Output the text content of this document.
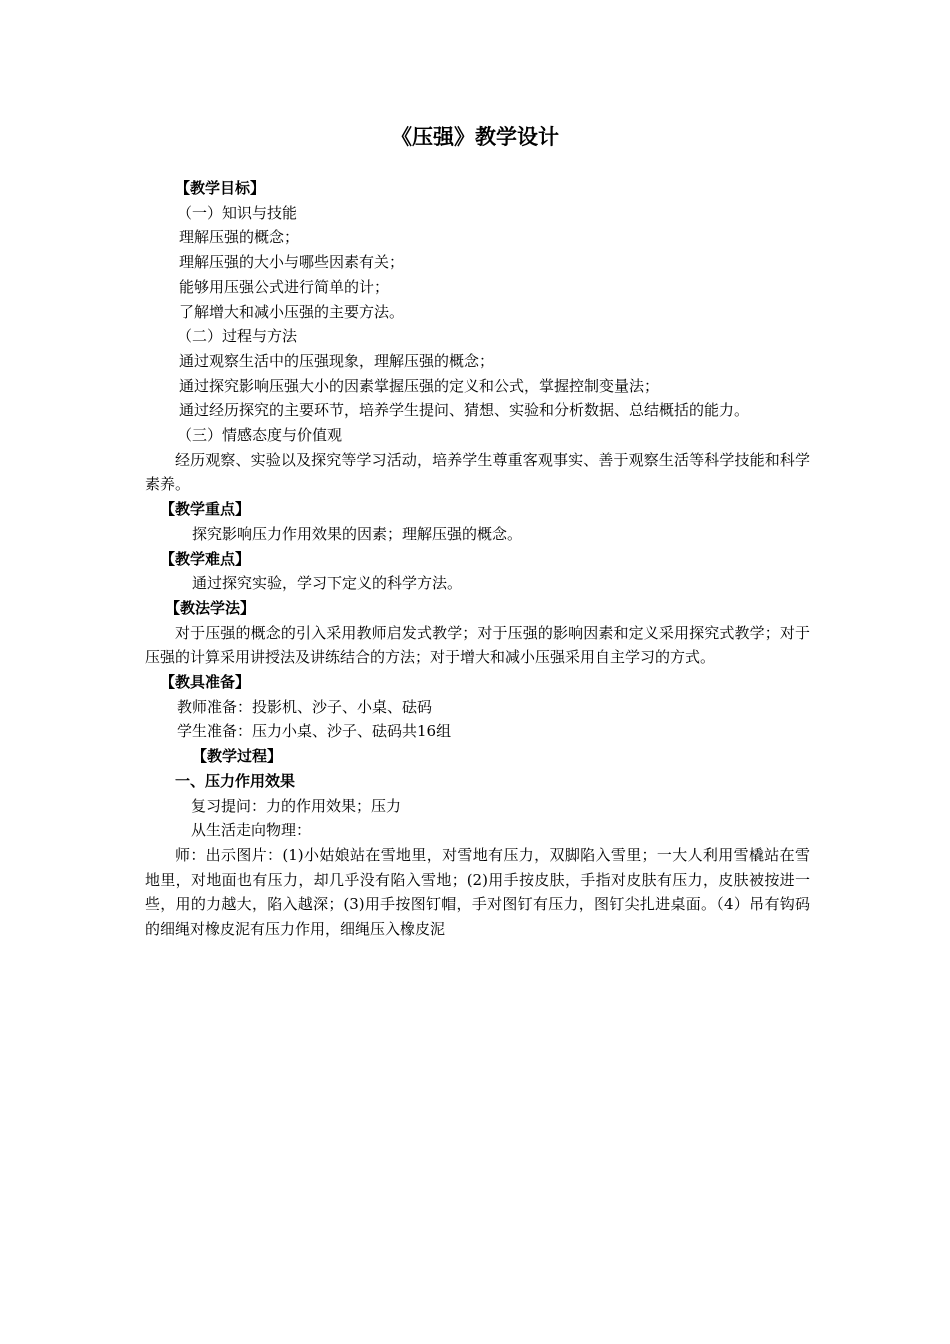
《压强》教学设计
【教学目标】
（一）知识与技能
理解压强的概念；
理解压强的大小与哪些因素有关；
能够用压强公式进行简单的计；
了解增大和减小压强的主要方法。
（二）过程与方法
通过观察生活中的压强现象，理解压强的概念；
通过探究影响压强大小的因素掌握压强的定义和公式，掌握控制变量法；
通过经历探究的主要环节，培养学生提问、猜想、实验和分析数据、总结概括的能力。
（三）情感态度与价值观
经历观察、实验以及探究等学习活动，培养学生尊重客观事实、善于观察生活等科学技能和科学素养。
【教学重点】
探究影响压力作用效果的因素；理解压强的概念。
【教学难点】
通过探究实验，学习下定义的科学方法。
【教法学法】
对于压强的概念的引入采用教师启发式教学；对于压强的影响因素和定义采用探究式教学；对于压强的计算采用讲授法及讲练结合的方法；对于增大和减小压强采用自主学习的方式。
【教具准备】
教师准备：投影机、沙子、小桌、砝码
学生准备：压力小桌、沙子、砝码共16组
【教学过程】
一、压力作用效果
复习提问：力的作用效果；压力
从生活走向物理：
师：出示图片：(1)小姑娘站在雪地里，对雪地有压力，双脚陷入雪里；一大人利用雪橇站在雪地里，对地面也有压力，却几乎没有陷入雪地；(2)用手按皮肤，手指对皮肤有压力，皮肤被按进一些，用的力越大，陷入越深；(3)用手按图钉帽，手对图钉有压力，图钉尖扎进桌面。（4）吊有钩码的细绳对橡皮泥有压力作用，细绳压入橡皮泥
